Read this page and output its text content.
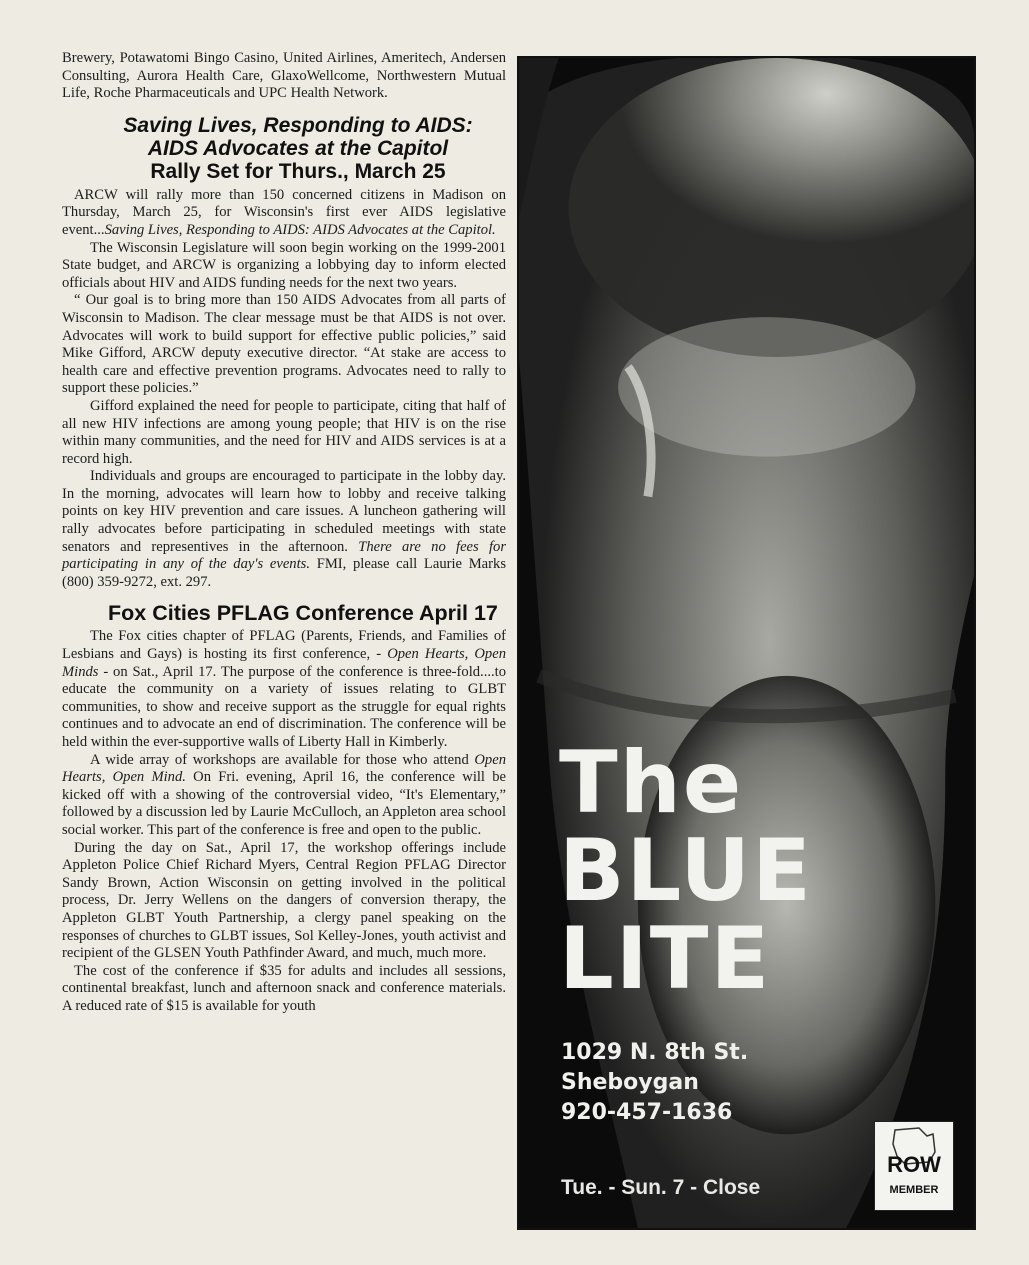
Brewery, Potawatomi Bingo Casino, United Airlines, Ameritech, Andersen Consulting, Aurora Health Care, GlaxoWellcome, Northwestern Mutual Life, Roche Pharmaceuticals and UPC Health Network.

Saving Lives, Responding to AIDS:

AIDS Advocates at the Capitol

Rally Set for Thurs., March 25

ARCW will rally more than 150 concerned citizens in Madison on Thursday, March 25, for Wisconsin's first ever AIDS legislative event...Saving Lives, Responding to AIDS: AIDS Advocates at the Capitol.

The Wisconsin Legislature will soon begin working on the 1999-2001 State budget, and ARCW is organizing a lobbying day to inform elected officials about HIV and AIDS funding needs for the next two years.

“ Our goal is to bring more than 150 AIDS Advocates from all parts of Wisconsin to Madison. The clear message must be that AIDS is not over. Advocates will work to build support for effective public policies,” said Mike Gifford, ARCW deputy executive director. “At stake are access to health care and effective prevention programs. Advocates need to rally to support these policies.”

Gifford explained the need for people to participate, citing that half of all new HIV infections are among young people; that HIV is on the rise within many communities, and the need for HIV and AIDS services is at a record high.

Individuals and groups are encouraged to participate in the lobby day. In the morning, advocates will learn how to lobby and receive talking points on key HIV prevention and care issues. A luncheon gathering will rally advocates before participating in scheduled meetings with state senators and representives in the afternoon. There are no fees for participating in any of the day's events. FMI, please call Laurie Marks (800) 359-9272, ext. 297.

Fox Cities PFLAG Conference April 17

The Fox cities chapter of PFLAG (Parents, Friends, and Families of Lesbians and Gays) is hosting its first conference, - Open Hearts, Open Minds - on Sat., April 17. The purpose of the conference is three-fold....to educate the community on a variety of issues relating to GLBT communities, to show and receive support as the struggle for equal rights continues and to advocate an end of discrimination. The conference will be held within the ever-supportive walls of Liberty Hall in Kimberly.

A wide array of workshops are available for those who attend Open Hearts, Open Mind. On Fri. evening, April 16, the conference will be kicked off with a showing of the controversial video, “It's Elementary,” followed by a discussion led by Laurie McCulloch, an Appleton area school social worker. This part of the conference is free and open to the public.

During the day on Sat., April 17, the workshop offerings include Appleton Police Chief Richard Myers, Central Region PFLAG Director Sandy Brown, Action Wisconsin on getting involved in the political process, Dr. Jerry Wellens on the dangers of conversion therapy, the Appleton GLBT Youth Partnership, a clergy panel speaking on the responses of churches to GLBT issues, Sol Kelley-Jones, youth activist and recipient of the GLSEN Youth Pathfinder Award, and much, much more.

The cost of the conference if $35 for adults and includes all sessions, continental breakfast, lunch and afternoon snack and conference materials. A reduced rate of $15 is available for youth

The
BLUE
LITE
1029 N. 8th St.
Sheboygan
920-457-1636
Tue. - Sun. 7 - Close
ROW
MEMBER
